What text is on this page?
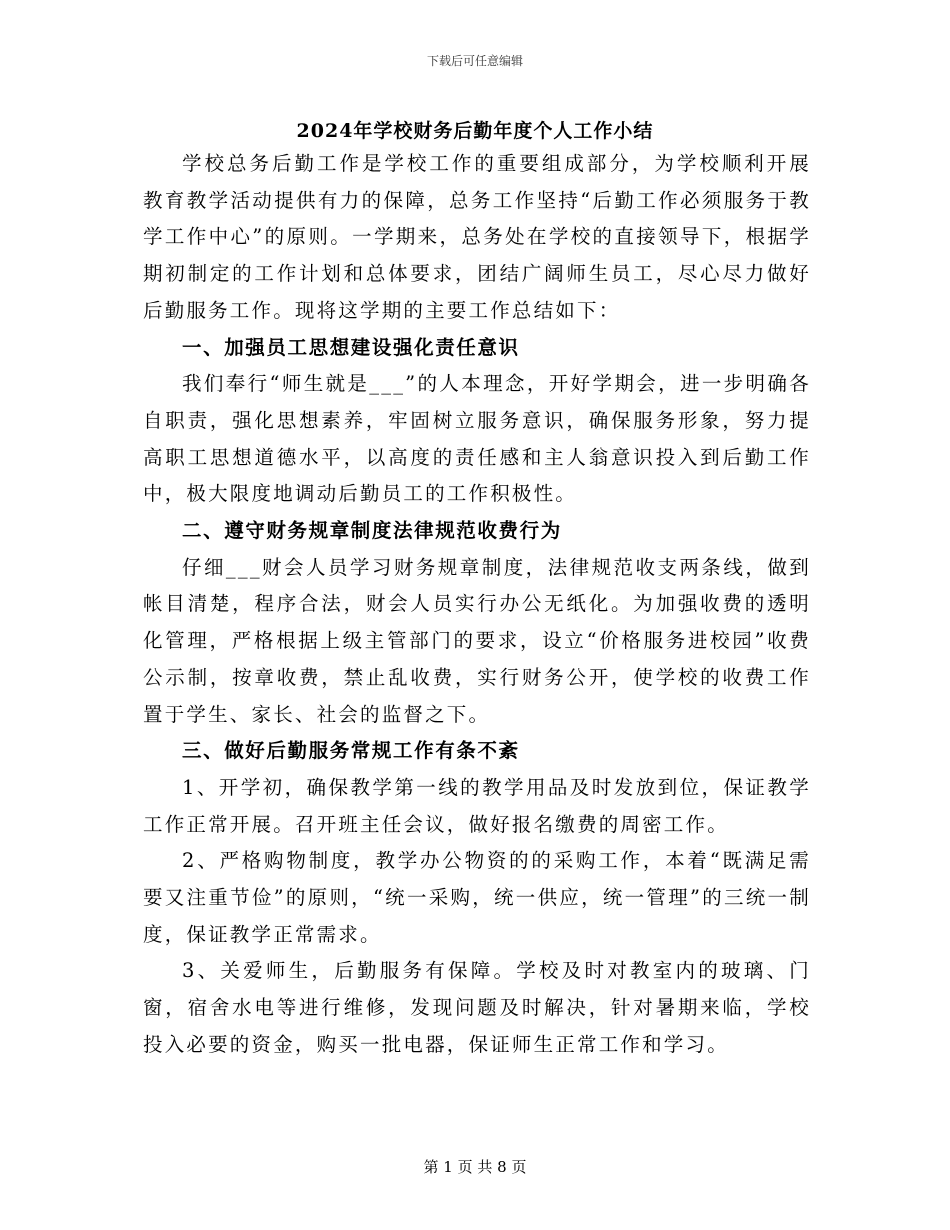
下载后可任意编辑
2024年学校财务后勤年度个人工作小结

学校总务后勤工作是学校工作的重要组成部分，为学校顺利开展教育教学活动提供有力的保障，总务工作坚持“后勤工作必须服务于教学工作中心”的原则。一学期来，总务处在学校的直接领导下，根据学期初制定的工作计划和总体要求，团结广阔师生员工，尽心尽力做好后勤服务工作。现将这学期的主要工作总结如下：

一、加强员工思想建设强化责任意识

我们奉行“师生就是___”的人本理念，开好学期会，进一步明确各自职责，强化思想素养，牢固树立服务意识，确保服务形象，努力提高职工思想道德水平，以高度的责任感和主人翁意识投入到后勤工作中，极大限度地调动后勤员工的工作积极性。

二、遵守财务规章制度法律规范收费行为

仔细___财会人员学习财务规章制度，法律规范收支两条线，做到帐目清楚，程序合法，财会人员实行办公无纸化。为加强收费的透明化管理，严格根据上级主管部门的要求，设立“价格服务进校园”收费公示制，按章收费，禁止乱收费，实行财务公开，使学校的收费工作置于学生、家长、社会的监督之下。

三、做好后勤服务常规工作有条不紊

1、开学初，确保教学第一线的教学用品及时发放到位，保证教学工作正常开展。召开班主任会议，做好报名缴费的周密工作。

2、严格购物制度，教学办公物资的的采购工作，本着“既满足需要又注重节俭”的原则，“统一采购，统一供应，统一管理”的三统一制度，保证教学正常需求。

3、关爱师生，后勤服务有保障。学校及时对教室内的玻璃、门窗，宿舍水电等进行维修，发现问题及时解决，针对暑期来临，学校投入必要的资金，购买一批电器，保证师生正常工作和学习。

第 1 页 共 8 页
